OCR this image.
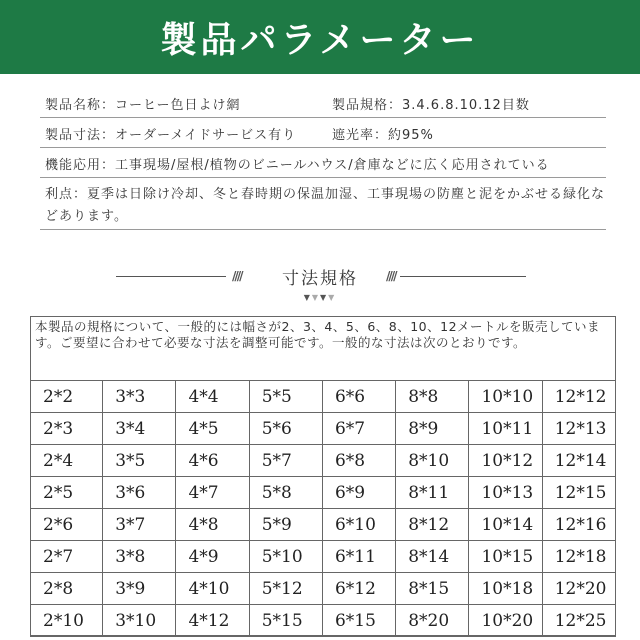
製品パラメーター
製品名称：コーヒー色日よけ網	製品規格：3.4.6.8.10.12目数
製品寸法：オーダーメイドサービス有り	遮光率：約95%
機能応用：工事現場/屋根/植物のビニールハウス/倉庫などに広く応用されている
利点：夏季は日除け冷却、冬と春時期の保温加湿、工事現場の防塵と泥をかぶせる緑化などあります。
////	寸法規格	////
▼▼▼▼
本製品の規格について、一般的には幅さが2、3、4、5、6、8、10、12メートルを販売しています。ご要望に合わせて必要な寸法を調整可能です。一般的な寸法は次のとおりです。
2*2	3*3	4*4	5*5	6*6	8*8	10*10	12*12
2*3	3*4	4*5	5*6	6*7	8*9	10*11	12*13
2*4	3*5	4*6	5*7	6*8	8*10	10*12	12*14
2*5	3*6	4*7	5*8	6*9	8*11	10*13	12*15
2*6	3*7	4*8	5*9	6*10	8*12	10*14	12*16
2*7	3*8	4*9	5*10	6*11	8*14	10*15	12*18
2*8	3*9	4*10	5*12	6*12	8*15	10*18	12*20
2*10	3*10	4*12	5*15	6*15	8*20	10*20	12*25
